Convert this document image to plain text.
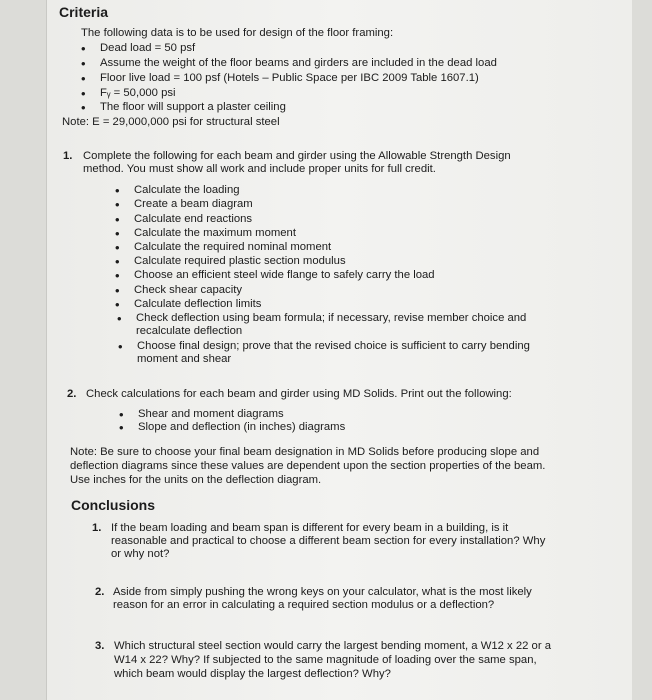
Criteria
The following data is to be used for design of the floor framing:
• Dead load = 50 psf
• Assume the weight of the floor beams and girders are included in the dead load
• Floor live load = 100 psf (Hotels – Public Space per IBC 2009 Table 1607.1)
• Fᵧ = 50,000 psi
• The floor will support a plaster ceiling
Note: E = 29,000,000 psi for structural steel
1. Complete the following for each beam and girder using the Allowable Strength Design
method. You must show all work and include proper units for full credit.
• Calculate the loading
• Create a beam diagram
• Calculate end reactions
• Calculate the maximum moment
• Calculate the required nominal moment
• Calculate required plastic section modulus
• Choose an efficient steel wide flange to safely carry the load
• Check shear capacity
• Calculate deflection limits
• Check deflection using beam formula; if necessary, revise member choice and
recalculate deflection
• Choose final design; prove that the revised choice is sufficient to carry bending
moment and shear
2. Check calculations for each beam and girder using MD Solids. Print out the following:
• Shear and moment diagrams
• Slope and deflection (in inches) diagrams
Note: Be sure to choose your final beam designation in MD Solids before producing slope and
deflection diagrams since these values are dependent upon the section properties of the beam.
Use inches for the units on the deflection diagram.
Conclusions
1. If the beam loading and beam span is different for every beam in a building, is it
reasonable and practical to choose a different beam section for every installation? Why
or why not?
2. Aside from simply pushing the wrong keys on your calculator, what is the most likely
reason for an error in calculating a required section modulus or a deflection?
3. Which structural steel section would carry the largest bending moment, a W12 x 22 or a
W14 x 22? Why? If subjected to the same magnitude of loading over the same span,
which beam would display the largest deflection? Why?
